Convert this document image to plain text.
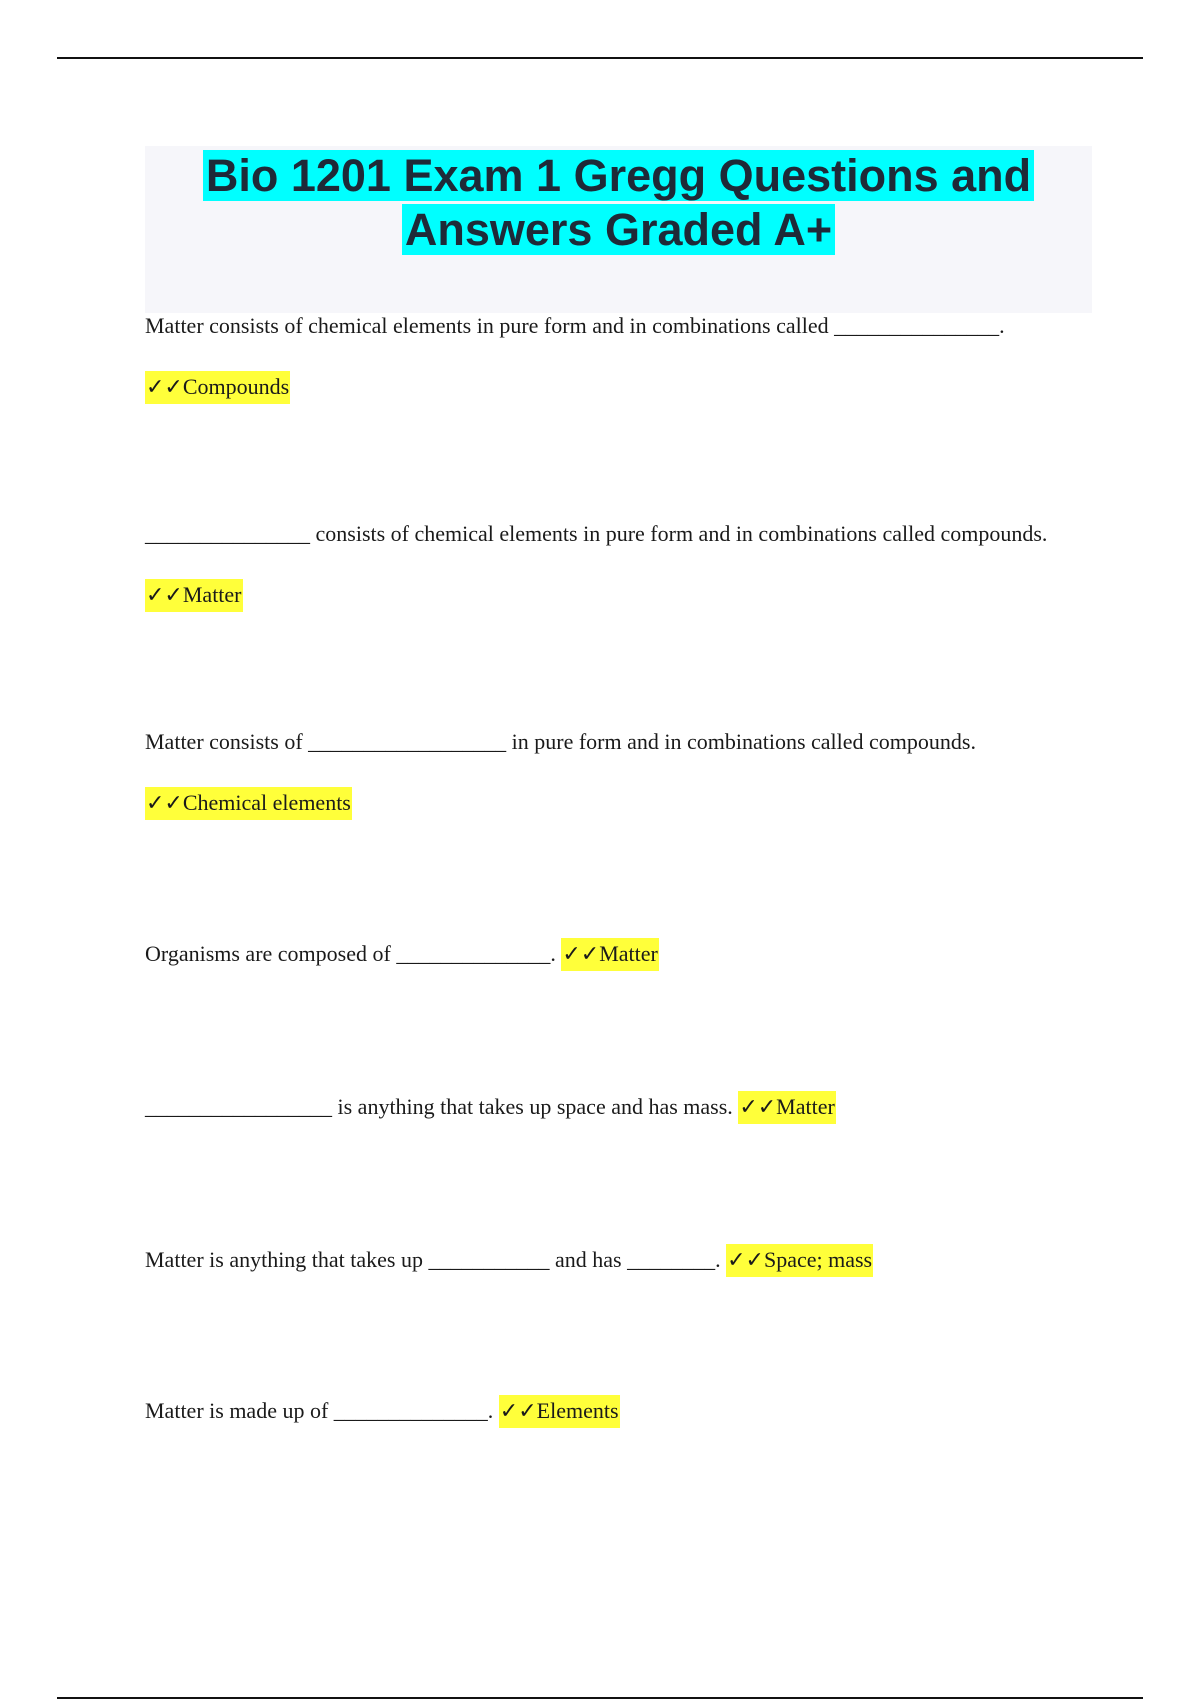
Bio 1201 Exam 1 Gregg Questions and
Answers Graded A+

Matter consists of chemical elements in pure form and in combinations called _______________.
✓✓Compounds

_______________ consists of chemical elements in pure form and in combinations called compounds. ✓✓Matter

Matter consists of __________________ in pure form and in combinations called compounds.
✓✓Chemical elements

Organisms are composed of ______________. ✓✓Matter

_________________ is anything that takes up space and has mass. ✓✓Matter

Matter is anything that takes up ___________ and has ________. ✓✓Space; mass

Matter is made up of ______________. ✓✓Elements
